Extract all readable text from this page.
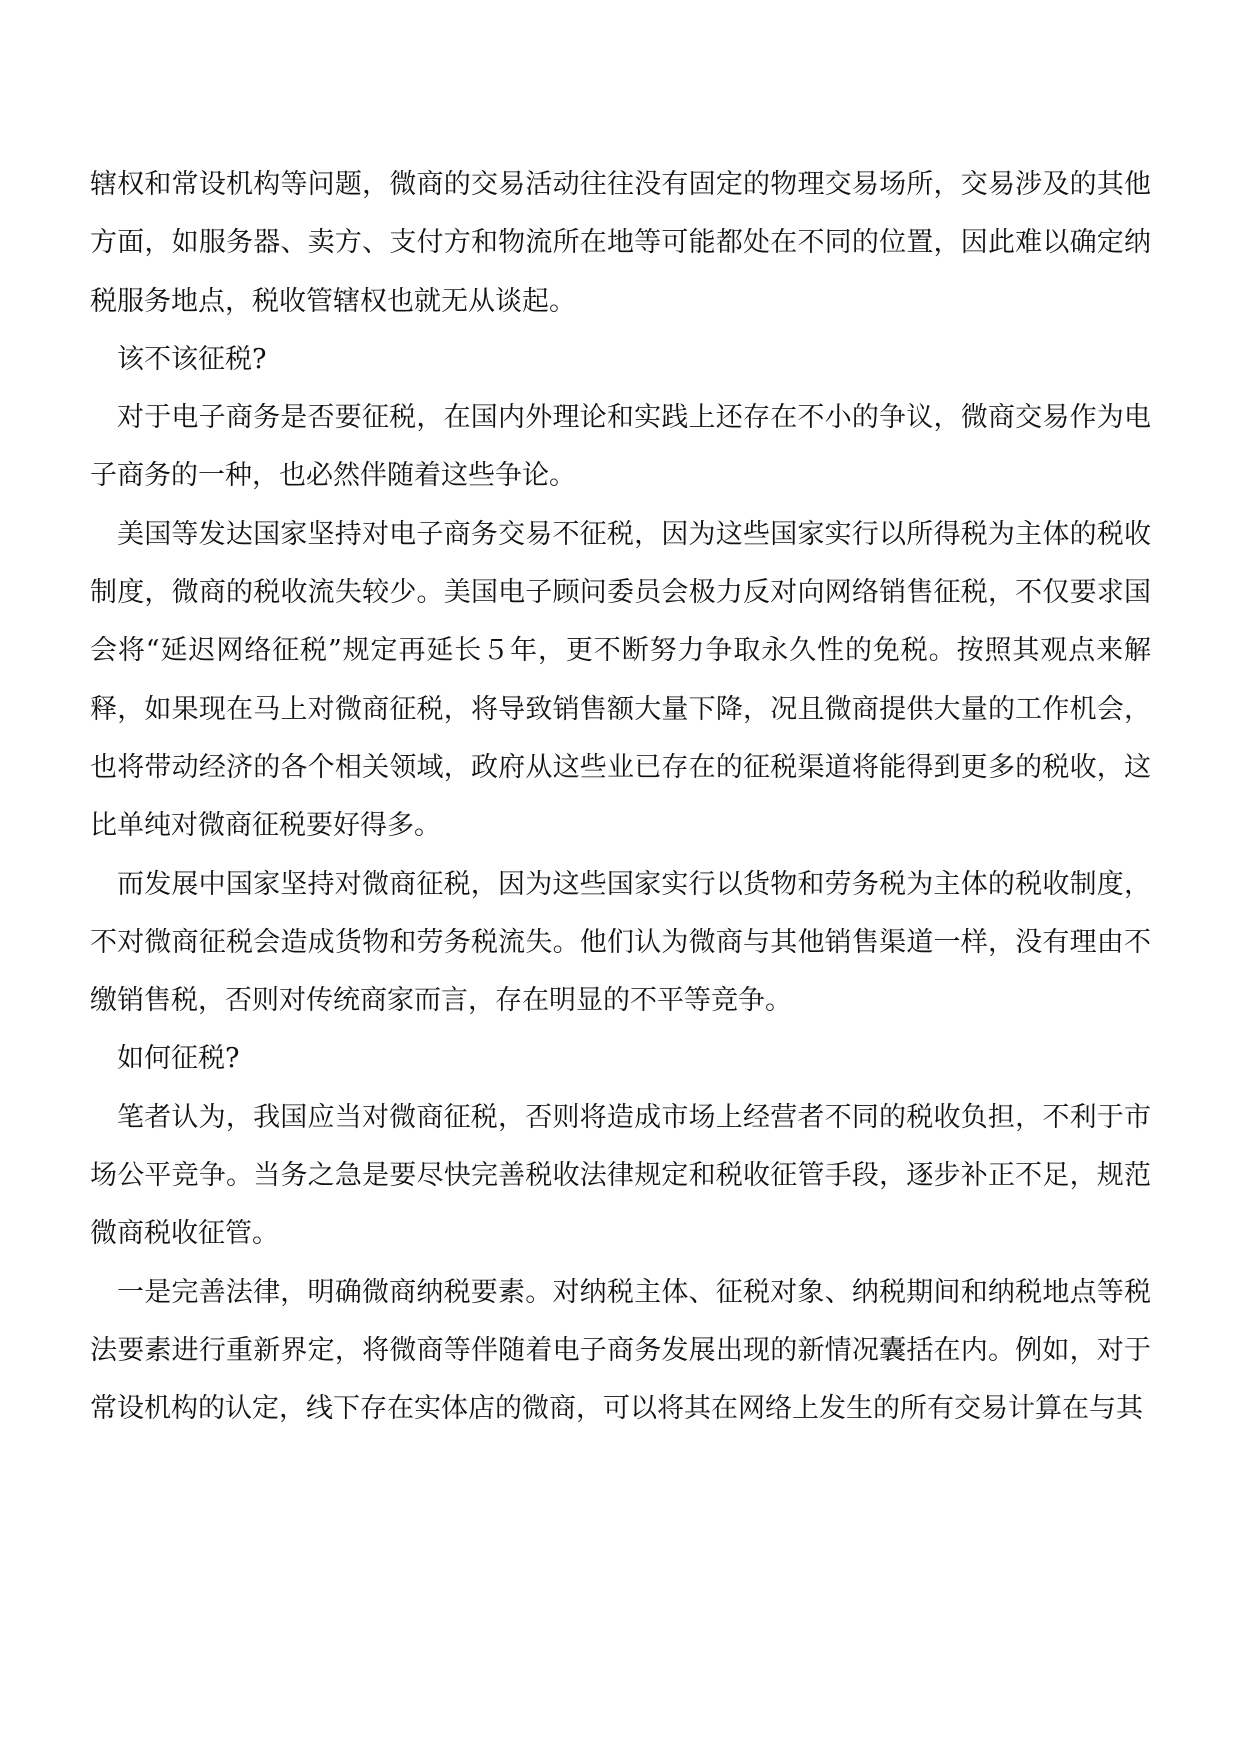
辖权和常设机构等问题，微商的交易活动往往没有固定的物理交易场所，交易涉及的其他方面，如服务器、卖方、支付方和物流所在地等可能都处在不同的位置，因此难以确定纳税服务地点，税收管辖权也就无从谈起。

该不该征税?

对于电子商务是否要征税，在国内外理论和实践上还存在不小的争议，微商交易作为电子商务的一种，也必然伴随着这些争论。

美国等发达国家坚持对电子商务交易不征税，因为这些国家实行以所得税为主体的税收制度，微商的税收流失较少。美国电子顾问委员会极力反对向网络销售征税，不仅要求国会将“延迟网络征税”规定再延长５年，更不断努力争取永久性的免税。按照其观点来解释，如果现在马上对微商征税，将导致销售额大量下降，况且微商提供大量的工作机会，也将带动经济的各个相关领域，政府从这些业已存在的征税渠道将能得到更多的税收，这比单纯对微商征税要好得多。

而发展中国家坚持对微商征税，因为这些国家实行以货物和劳务税为主体的税收制度，不对微商征税会造成货物和劳务税流失。他们认为微商与其他销售渠道一样，没有理由不缴销售税，否则对传统商家而言，存在明显的不平等竞争。

如何征税?

笔者认为，我国应当对微商征税，否则将造成市场上经营者不同的税收负担，不利于市场公平竞争。当务之急是要尽快完善税收法律规定和税收征管手段，逐步补正不足，规范微商税收征管。

一是完善法律，明确微商纳税要素。对纳税主体、征税对象、纳税期间和纳税地点等税法要素进行重新界定，将微商等伴随着电子商务发展出现的新情况囊括在内。例如，对于常设机构的认定，线下存在实体店的微商，可以将其在网络上发生的所有交易计算在与其
